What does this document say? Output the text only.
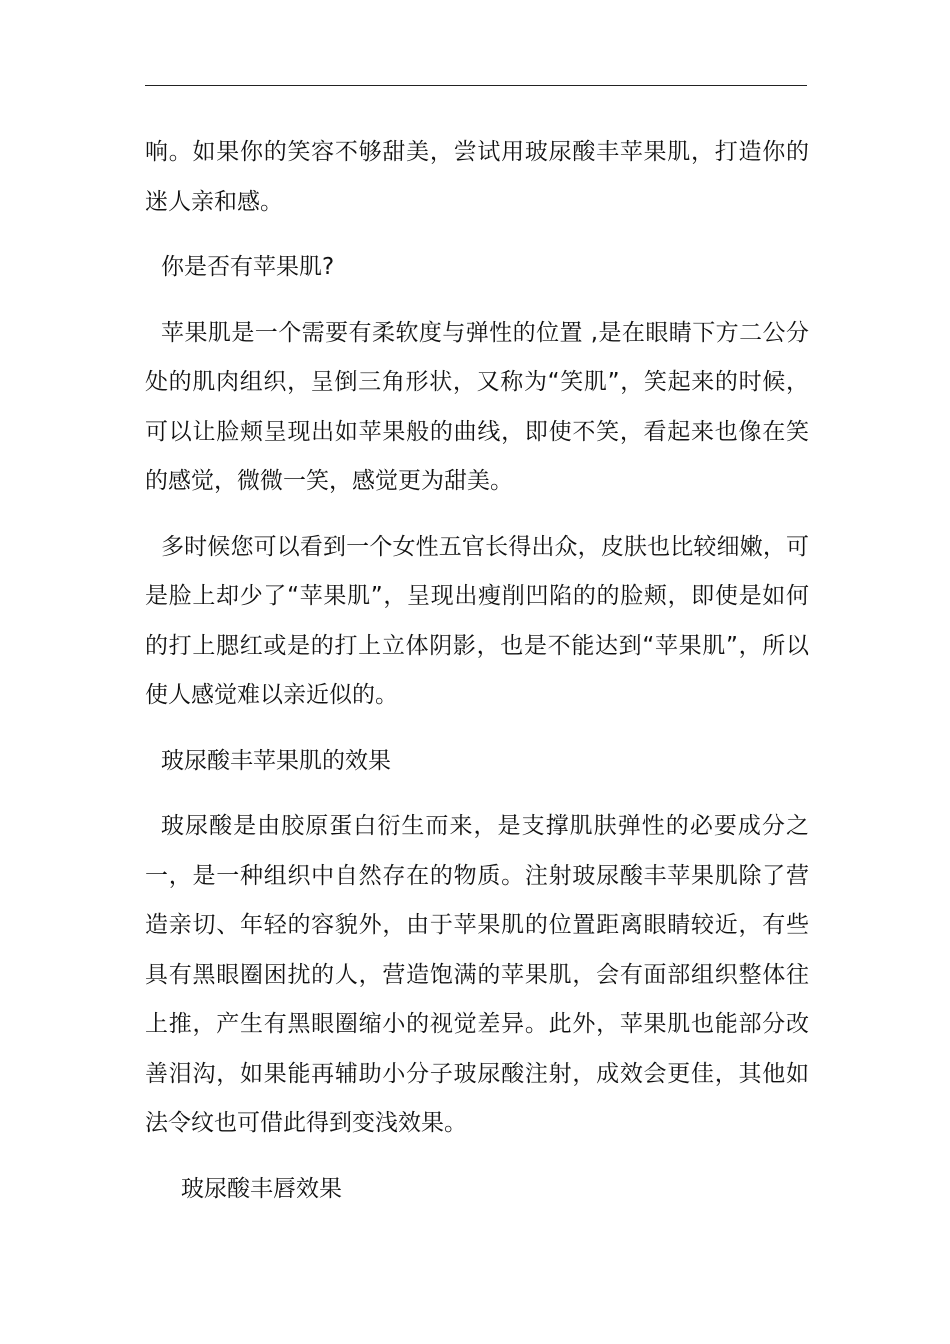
响。如果你的笑容不够甜美，尝试用玻尿酸丰苹果肌，打造你的迷人亲和感。

你是否有苹果肌?

苹果肌是一个需要有柔软度与弹性的位置 ,是在眼睛下方二公分处的肌肉组织，呈倒三角形状，又称为“笑肌”，笑起来的时候，可以让脸颊呈现出如苹果般的曲线，即使不笑，看起来也像在笑的感觉，微微一笑，感觉更为甜美。

多时候您可以看到一个女性五官长得出众，皮肤也比较细嫩，可是脸上却少了“苹果肌”，呈现出瘦削凹陷的的脸颊，即使是如何的打上腮红或是的打上立体阴影，也是不能达到“苹果肌”，所以使人感觉难以亲近似的。

玻尿酸丰苹果肌的效果

玻尿酸是由胶原蛋白衍生而来，是支撑肌肤弹性的必要成分之一，是一种组织中自然存在的物质。注射玻尿酸丰苹果肌除了营造亲切、年轻的容貌外，由于苹果肌的位置距离眼睛较近，有些具有黑眼圈困扰的人，营造饱满的苹果肌，会有面部组织整体往上推，产生有黑眼圈缩小的视觉差异。此外，苹果肌也能部分改善泪沟，如果能再辅助小分子玻尿酸注射，成效会更佳，其他如法令纹也可借此得到变浅效果。

玻尿酸丰唇效果
